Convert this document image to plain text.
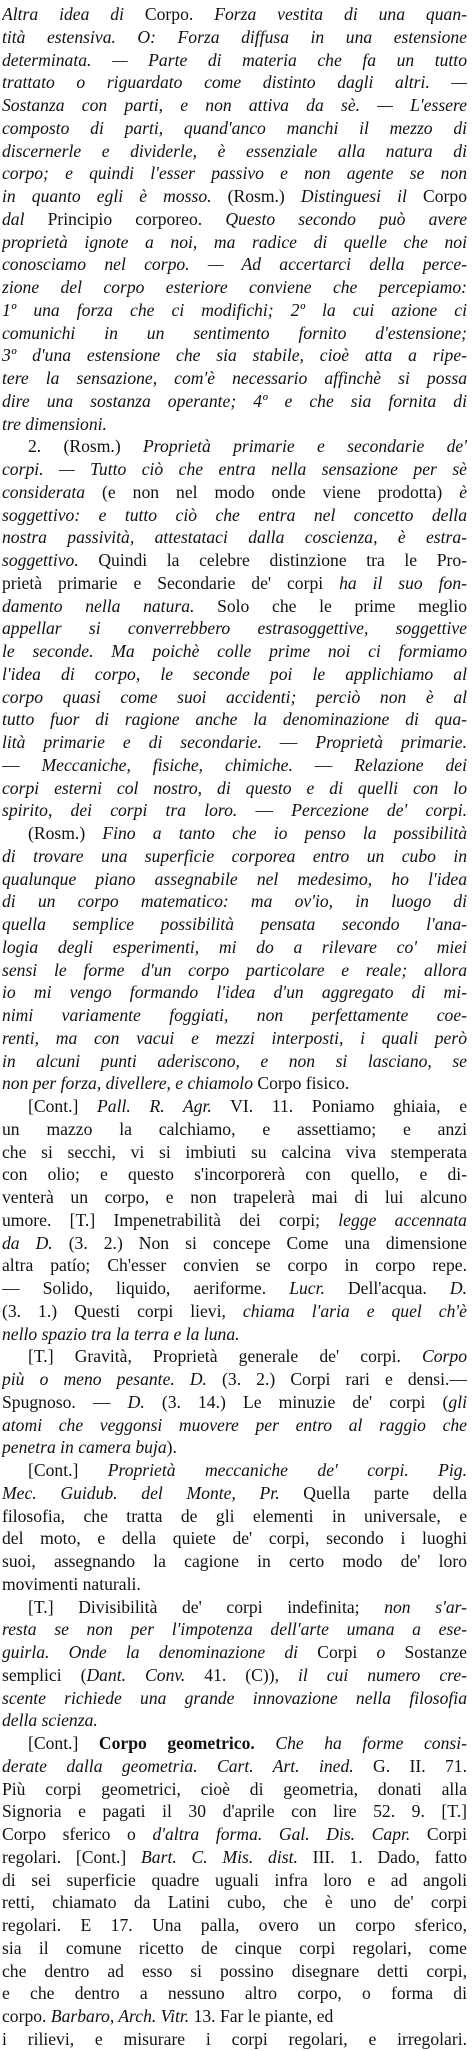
Altra idea di Corpo. Forza vestita di una quan-
tità estensiva. O: Forza diffusa in una estensione
determinata. — Parte di materia che fa un tutto
trattato o riguardato come distinto dagli altri. —
Sostanza con parti, e non attiva da sè. — L'essere
composto di parti, quand'anco manchi il mezzo di
discernerle e dividerle, è essenziale alla natura di
corpo; e quindi l'esser passivo e non agente se non
in quanto egli è mosso. (Rosm.) Distinguesi il Corpo
dal Principio corporeo. Questo secondo può avere
proprietà ignote a noi, ma radice di quelle che noi
conosciamo nel corpo. — Ad accertarci della perce-
zione del corpo esteriore conviene che percepiamo:
1º una forza che ci modifichi; 2º la cui azione ci
comunichi in un sentimento fornito d'estensione;
3º d'una estensione che sia stabile, cioè atta a ripe-
tere la sensazione, com'è necessario affinchè si possa
dire una sostanza operante; 4º e che sia fornita di
tre dimensioni.
2. (Rosm.) Proprietà primarie e secondarie de'
corpi. — Tutto ciò che entra nella sensazione per sè
considerata (e non nel modo onde viene prodotta) è
soggettivo: e tutto ciò che entra nel concetto della
nostra passività, attestataci dalla coscienza, è estra-
soggettivo. Quindi la celebre distinzione tra le Pro-
prietà primarie e Secondarie de' corpi ha il suo fon-
damento nella natura. Solo che le prime meglio
appellar si converrebbero estrasoggettive, soggettive
le seconde. Ma poichè colle prime noi ci formiamo
l'idea di corpo, le seconde poi le applichiamo al
corpo quasi come suoi accidenti; perciò non è al
tutto fuor di ragione anche la denominazione di qua-
lità primarie e di secondarie. — Proprietà primarie.
— Meccaniche, fisiche, chimiche. — Relazione dei
corpi esterni col nostro, di questo e di quelli con lo
spirito, dei corpi tra loro. — Percezione de' corpi.
(Rosm.) Fino a tanto che io penso la possibilità
di trovare una superficie corporea entro un cubo in
qualunque piano assegnabile nel medesimo, ho l'idea
di un corpo matematico: ma ov'io, in luogo di
quella semplice possibilità pensata secondo l'ana-
logia degli esperimenti, mi do a rilevare co' miei
sensi le forme d'un corpo particolare e reale; allora
io mi vengo formando l'idea d'un aggregato di mi-
nimi variamente foggiati, non perfettamente coe-
renti, ma con vacui e mezzi interposti, i quali però
in alcuni punti aderiscono, e non si lasciano, se
non per forza, divellere, e chiamolo Corpo fisico.
[Cont.] Pall. R. Agr. VI. 11. Poniamo ghiaia, e
un mazzo la calchiamo, e assettiamo; e anzi
che si secchi, vi si imbiuti su calcina viva stemperata
con olio; e questo s'incorporerà con quello, e di-
venterà un corpo, e non trapelerà mai di lui alcuno
umore. [T.] Impenetrabilità dei corpi; legge accennata
da D. (3. 2.) Non si concepe Come una dimensione
altra patío; Ch'esser convien se corpo in corpo repe.
— Solido, liquido, aeriforme. Lucr. Dell'acqua. D.
(3. 1.) Questi corpi lievi, chiama l'aria e quel ch'è
nello spazio tra la terra e la luna.
[T.] Gravità, Proprietà generale de' corpi. Corpo
più o meno pesante. D. (3. 2.) Corpi rari e densi.—
Spugnoso. — D. (3. 14.) Le minuzie de' corpi (gli
atomi che veggonsi muovere per entro al raggio che
penetra in camera buja).
[Cont.] Proprietà meccaniche de' corpi. Pig.
Mec. Guidub. del Monte, Pr. Quella parte della
filosofia, che tratta de gli elementi in universale, e
del moto, e della quiete de' corpi, secondo i luoghi
suoi, assegnando la cagione in certo modo de' loro
movimenti naturali.
[T.] Divisibilità de' corpi indefinita; non s'ar-
resta se non per l'impotenza dell'arte umana a ese-
guirla. Onde la denominazione di Corpi o Sostanze
semplici (Dant. Conv. 41. (C)), il cui numero cre-
scente richiede una grande innovazione nella filosofia
della scienza.
[Cont.] Corpo geometrico. Che ha forme consi-
derate dalla geometria. Cart. Art. ined. G. II. 71.
Più corpi geometrici, cioè di geometria, donati alla
Signoria e pagati il 30 d'aprile con lire 52. 9. [T.]
Corpo sferico o d'altra forma. Gal. Dis. Capr. Corpi
regolari. [Cont.] Bart. C. Mis. dist. III. 1. Dado, fatto
di sei superficie quadre uguali infra loro e ad angoli
retti, chiamato da Latini cubo, che è uno de' corpi
regolari. E 17. Una palla, overo un corpo sferico,
sia il comune ricetto de cinque corpi regolari, come
che dentro ad esso si possino disegnare detti corpi,
e che dentro a nessuno altro corpo, o forma di
corpo. Barbaro, Arch. Vitr. 13. Far le piante, ed
i rilievi, e misurare i corpi regolari, e irregolari.
